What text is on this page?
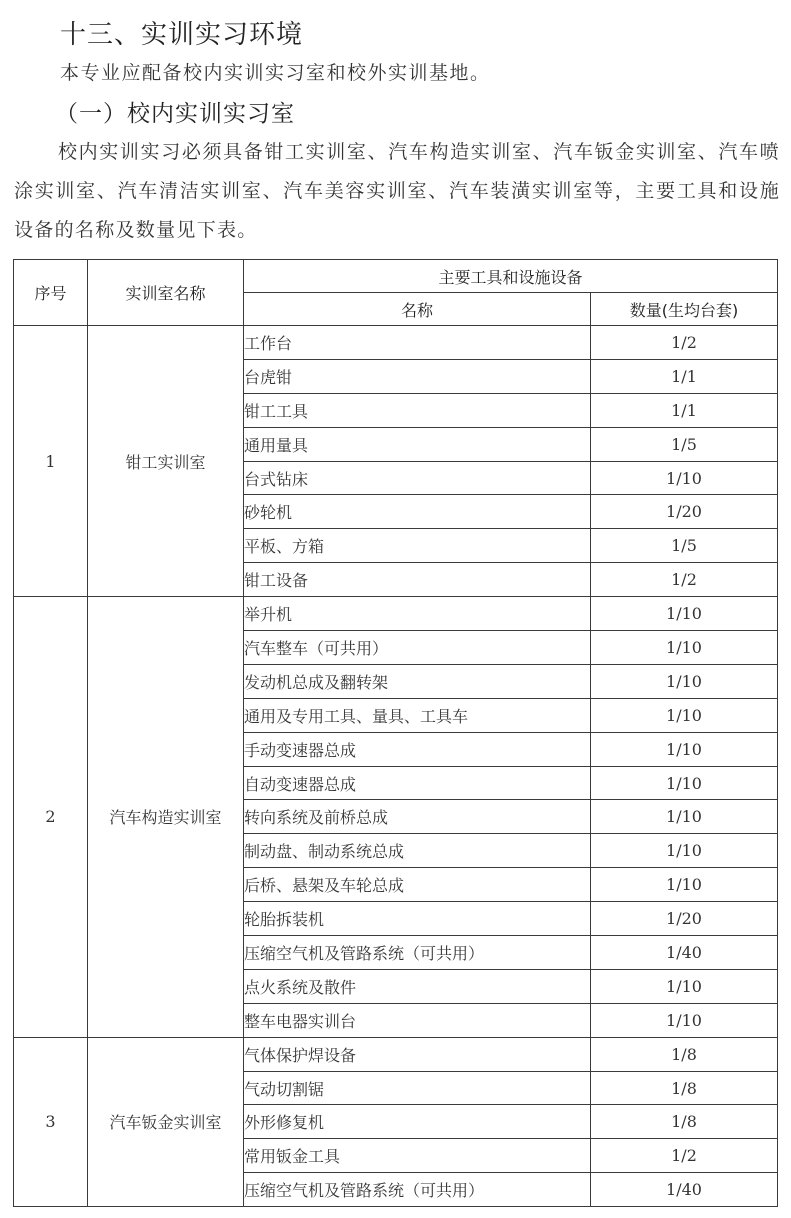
十三、实训实习环境
本专业应配备校内实训实习室和校外实训基地。
（一）校内实训实习室
校内实训实习必须具备钳工实训室、汽车构造实训室、汽车钣金实训室、汽车喷涂实训室、汽车清洁实训室、汽车美容实训室、汽车装潢实训室等，主要工具和设施设备的名称及数量见下表。
序号	实训室名称	主要工具和设施设备	
		名称	数量(生均台套)
1	钳工实训室	工作台	1/2
		台虎钳	1/1
		钳工工具	1/1
		通用量具	1/5
		台式钻床	1/10
		砂轮机	1/20
		平板、方箱	1/5
		钳工设备	1/2
2	汽车构造实训室	举升机	1/10
		汽车整车（可共用）	1/10
		发动机总成及翻转架	1/10
		通用及专用工具、量具、工具车	1/10
		手动变速器总成	1/10
		自动变速器总成	1/10
		转向系统及前桥总成	1/10
		制动盘、制动系统总成	1/10
		后桥、悬架及车轮总成	1/10
		轮胎拆装机	1/20
		压缩空气机及管路系统（可共用）	1/40
		点火系统及散件	1/10
		整车电器实训台	1/10
3	汽车钣金实训室	气体保护焊设备	1/8
		气动切割锯	1/8
		外形修复机	1/8
		常用钣金工具	1/2
		压缩空气机及管路系统（可共用）	1/40
